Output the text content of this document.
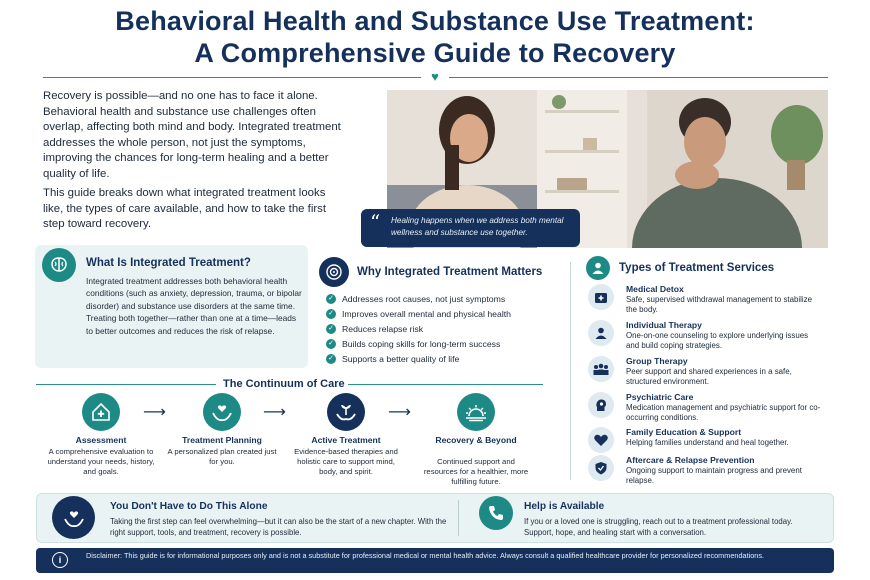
Behavioral Health and Substance Use Treatment:
A Comprehensive Guide to Recovery
♥
Recovery is possible—and no one has to face it alone. Behavioral health and substance use challenges often overlap, affecting both mind and body. Integrated treatment addresses the whole person, not just the symptoms, improving the chances for long-term healing and a better quality of life.
This guide breaks down what integrated treatment looks like, the types of care available, and how to take the first step toward recovery.	Healing happens when we address both mental wellness and substance use together.
“
What Is Integrated Treatment?
Integrated treatment addresses both behavioral health conditions (such as anxiety, depression, trauma, or bipolar disorder) and substance use disorders at the same time. Treating both together—rather than one at a time—leads to better outcomes and reduces the risk of relapse.
Why Integrated Treatment Matters
✓ Addresses root causes, not just symptoms
✓ Improves overall mental and physical health
✓ Reduces relapse risk
✓ Builds coping skills for long-term success
✓ Supports a better quality of life
Types of Treatment Services
Medical Detox
Safe, supervised withdrawal management to stabilize the body.
Individual Therapy
One-on-one counseling to explore underlying issues and build coping strategies.
Group Therapy
Peer support and shared experiences in a safe, structured environment.
Psychiatric Care
Medication management and psychiatric support for co-occurring conditions.
Family Education & Support
Helping families understand and heal together.
Aftercare & Relapse Prevention
Ongoing support to maintain progress and prevent relapse.
The Continuum of Care
Assessment
A comprehensive evaluation to understand your needs, history, and goals.
⟶
Treatment Planning
A personalized plan created just for you.
⟶
Active Treatment
Evidence-based therapies and holistic care to support mind, body, and spirit.
⟶
Recovery & Beyond
Continued support and resources for a healthier, more fulfilling future.
You Don't Have to Do This Alone
Taking the first step can feel overwhelming—but it can also be the start of a new chapter. With the right support, tools, and treatment, recovery is possible.
Help is Available
If you or a loved one is struggling, reach out to a treatment professional today. Support, hope, and healing start with a conversation.
i	Disclaimer: This guide is for informational purposes only and is not a substitute for professional medical or mental health advice. Always consult a qualified healthcare provider for personalized recommendations.
